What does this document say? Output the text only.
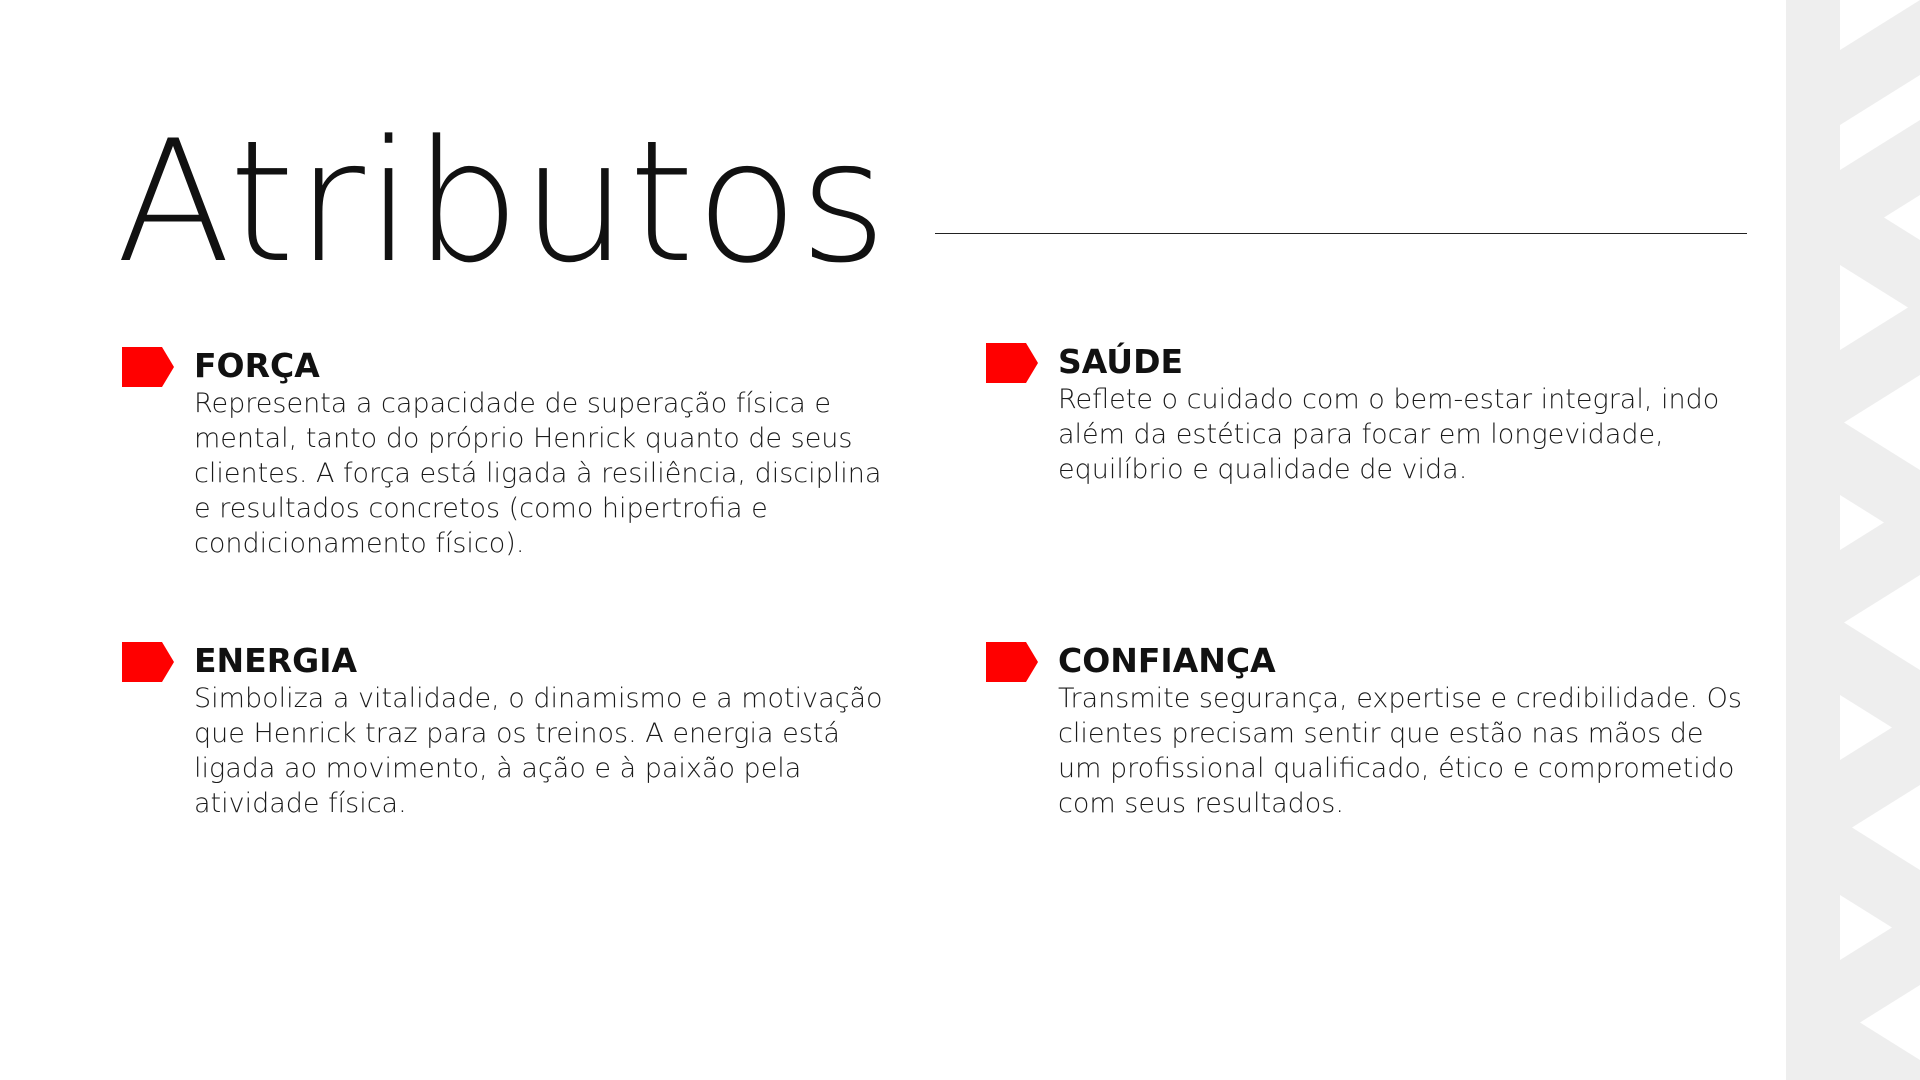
Atributos
FORÇA

Representa a capacidade de superação física e mental, tanto do próprio Henrick quanto de seus clientes. A força está ligada à resiliência, disciplina e resultados concretos (como hipertrofia e condicionamento físico).

SAÚDE

Reflete o cuidado com o bem-estar integral, indo além da estética para focar em longevidade, equilíbrio e qualidade de vida.

ENERGIA

Simboliza a vitalidade, o dinamismo e a motivação que Henrick traz para os treinos. A energia está ligada ao movimento, à ação e à paixão pela atividade física.

CONFIANÇA

Transmite segurança, expertise e credibilidade. Os clientes precisam sentir que estão nas mãos de um profissional qualificado, ético e comprometido com seus resultados.
